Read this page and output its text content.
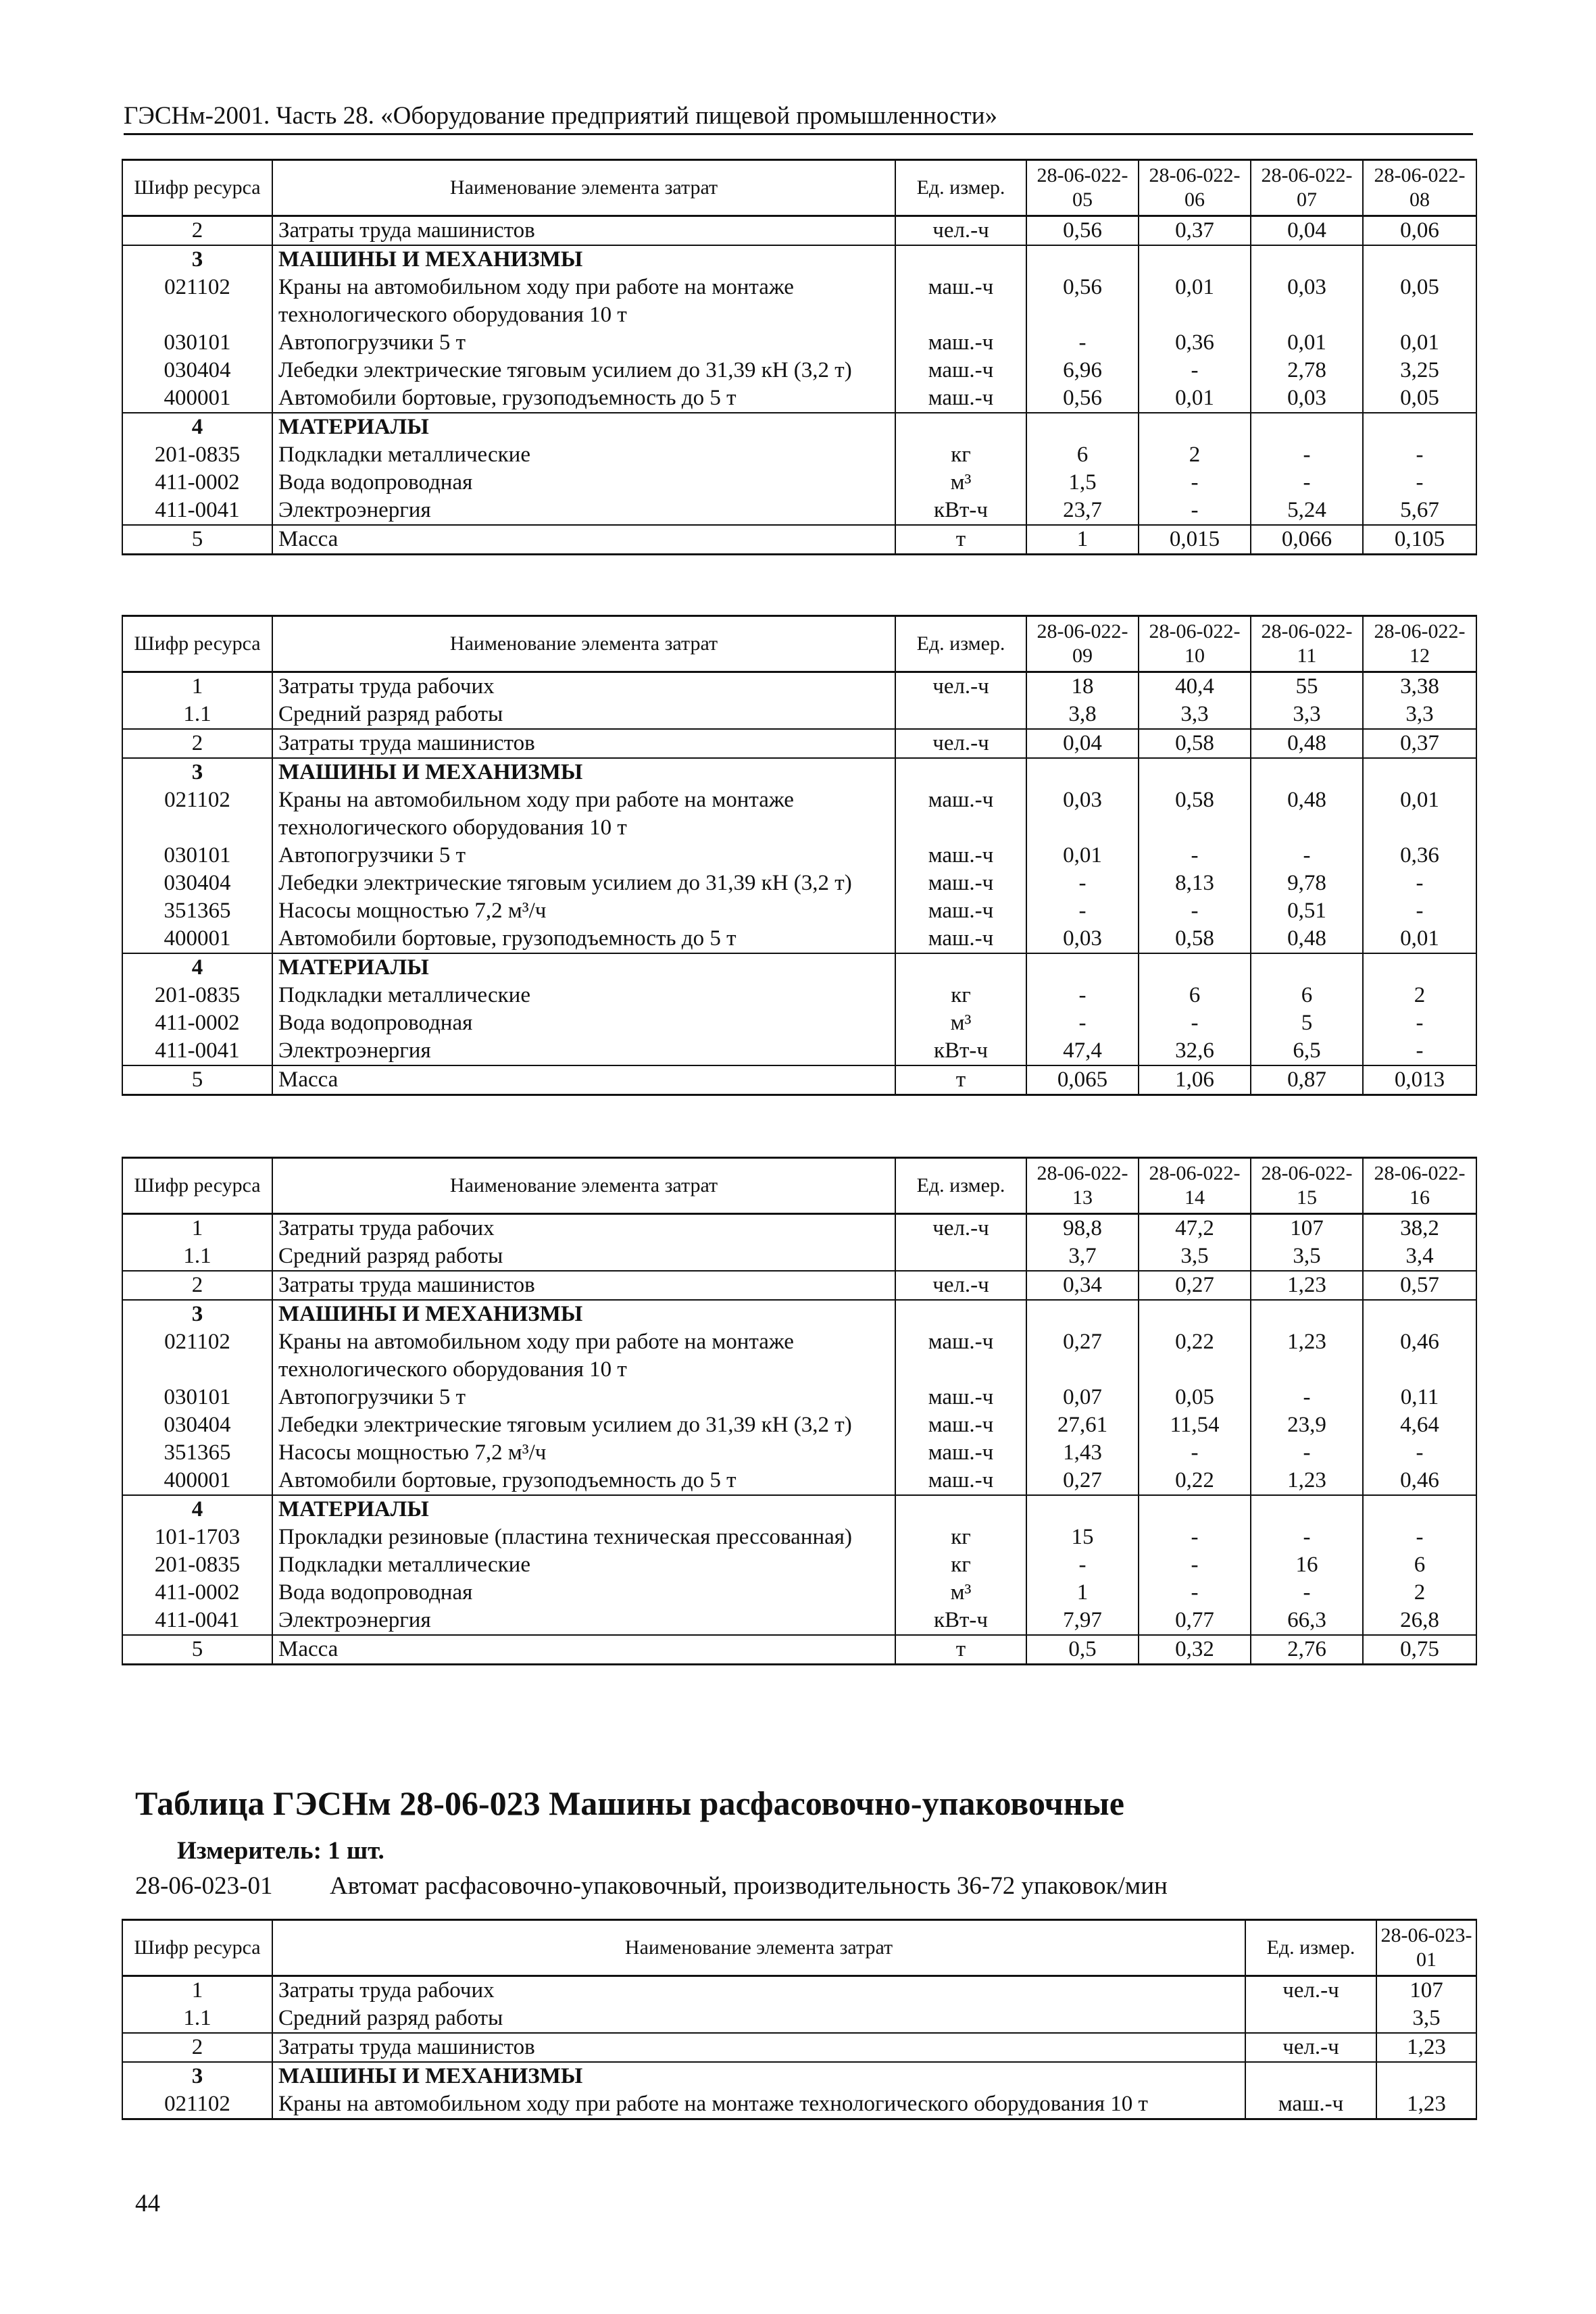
ГЭСНм-2001. Часть 28. «Оборудование предприятий пищевой промышленности»
Шифр ресурса	Наименование элемента затрат	Ед. измер.	28-06-022-05	28-06-022-06	28-06-022-07	28-06-022-08
2	Затраты труда машинистов	чел.-ч	0,56	0,37	0,04	0,06
3	МАШИНЫ И МЕХАНИЗМЫ					
021102	Краны на автомобильном ходу при работе на монтаже технологического оборудования 10 т	маш.-ч	0,56	0,01	0,03	0,05
030101	Автопогрузчики 5 т	маш.-ч	-	0,36	0,01	0,01
030404	Лебедки электрические тяговым усилием до 31,39 кН (3,2 т)	маш.-ч	6,96	-	2,78	3,25
400001	Автомобили бортовые, грузоподъемность до 5 т	маш.-ч	0,56	0,01	0,03	0,05
4	МАТЕРИАЛЫ					
201-0835	Подкладки металлические	кг	6	2	-	-
411-0002	Вода водопроводная	м³	1,5	-	-	-
411-0041	Электроэнергия	кВт-ч	23,7	-	5,24	5,67
5	Масса	т	1	0,015	0,066	0,105
Шифр ресурса	Наименование элемента затрат	Ед. измер.	28-06-022-09	28-06-022-10	28-06-022-11	28-06-022-12
1	Затраты труда рабочих	чел.-ч	18	40,4	55	3,38
1.1	Средний разряд работы		3,8	3,3	3,3	3,3
2	Затраты труда машинистов	чел.-ч	0,04	0,58	0,48	0,37
3	МАШИНЫ И МЕХАНИЗМЫ					
021102	Краны на автомобильном ходу при работе на монтаже технологического оборудования 10 т	маш.-ч	0,03	0,58	0,48	0,01
030101	Автопогрузчики 5 т	маш.-ч	0,01	-	-	0,36
030404	Лебедки электрические тяговым усилием до 31,39 кН (3,2 т)	маш.-ч	-	8,13	9,78	-
351365	Насосы мощностью 7,2 м³/ч	маш.-ч	-	-	0,51	-
400001	Автомобили бортовые, грузоподъемность до 5 т	маш.-ч	0,03	0,58	0,48	0,01
4	МАТЕРИАЛЫ					
201-0835	Подкладки металлические	кг	-	6	6	2
411-0002	Вода водопроводная	м³	-	-	5	-
411-0041	Электроэнергия	кВт-ч	47,4	32,6	6,5	-
5	Масса	т	0,065	1,06	0,87	0,013
Шифр ресурса	Наименование элемента затрат	Ед. измер.	28-06-022-13	28-06-022-14	28-06-022-15	28-06-022-16
1	Затраты труда рабочих	чел.-ч	98,8	47,2	107	38,2
1.1	Средний разряд работы		3,7	3,5	3,5	3,4
2	Затраты труда машинистов	чел.-ч	0,34	0,27	1,23	0,57
3	МАШИНЫ И МЕХАНИЗМЫ					
021102	Краны на автомобильном ходу при работе на монтаже технологического оборудования 10 т	маш.-ч	0,27	0,22	1,23	0,46
030101	Автопогрузчики 5 т	маш.-ч	0,07	0,05	-	0,11
030404	Лебедки электрические тяговым усилием до 31,39 кН (3,2 т)	маш.-ч	27,61	11,54	23,9	4,64
351365	Насосы мощностью 7,2 м³/ч	маш.-ч	1,43	-	-	-
400001	Автомобили бортовые, грузоподъемность до 5 т	маш.-ч	0,27	0,22	1,23	0,46
4	МАТЕРИАЛЫ					
101-1703	Прокладки резиновые (пластина техническая прессованная)	кг	15	-	-	-
201-0835	Подкладки металлические	кг	-	-	16	6
411-0002	Вода водопроводная	м³	1	-	-	2
411-0041	Электроэнергия	кВт-ч	7,97	0,77	66,3	26,8
5	Масса	т	0,5	0,32	2,76	0,75
Таблица ГЭСНм 28-06-023 Машины расфасовочно-упаковочные
Измеритель: 1 шт.
28-06-023-01 Автомат расфасовочно-упаковочный, производительность 36-72 упаковок/мин
Шифр ресурса	Наименование элемента затрат	Ед. измер.	28-06-023-01
1	Затраты труда рабочих	чел.-ч	107
1.1	Средний разряд работы		3,5
2	Затраты труда машинистов	чел.-ч	1,23
3	МАШИНЫ И МЕХАНИЗМЫ		
021102	Краны на автомобильном ходу при работе на монтаже технологического оборудования 10 т	маш.-ч	1,23
44
